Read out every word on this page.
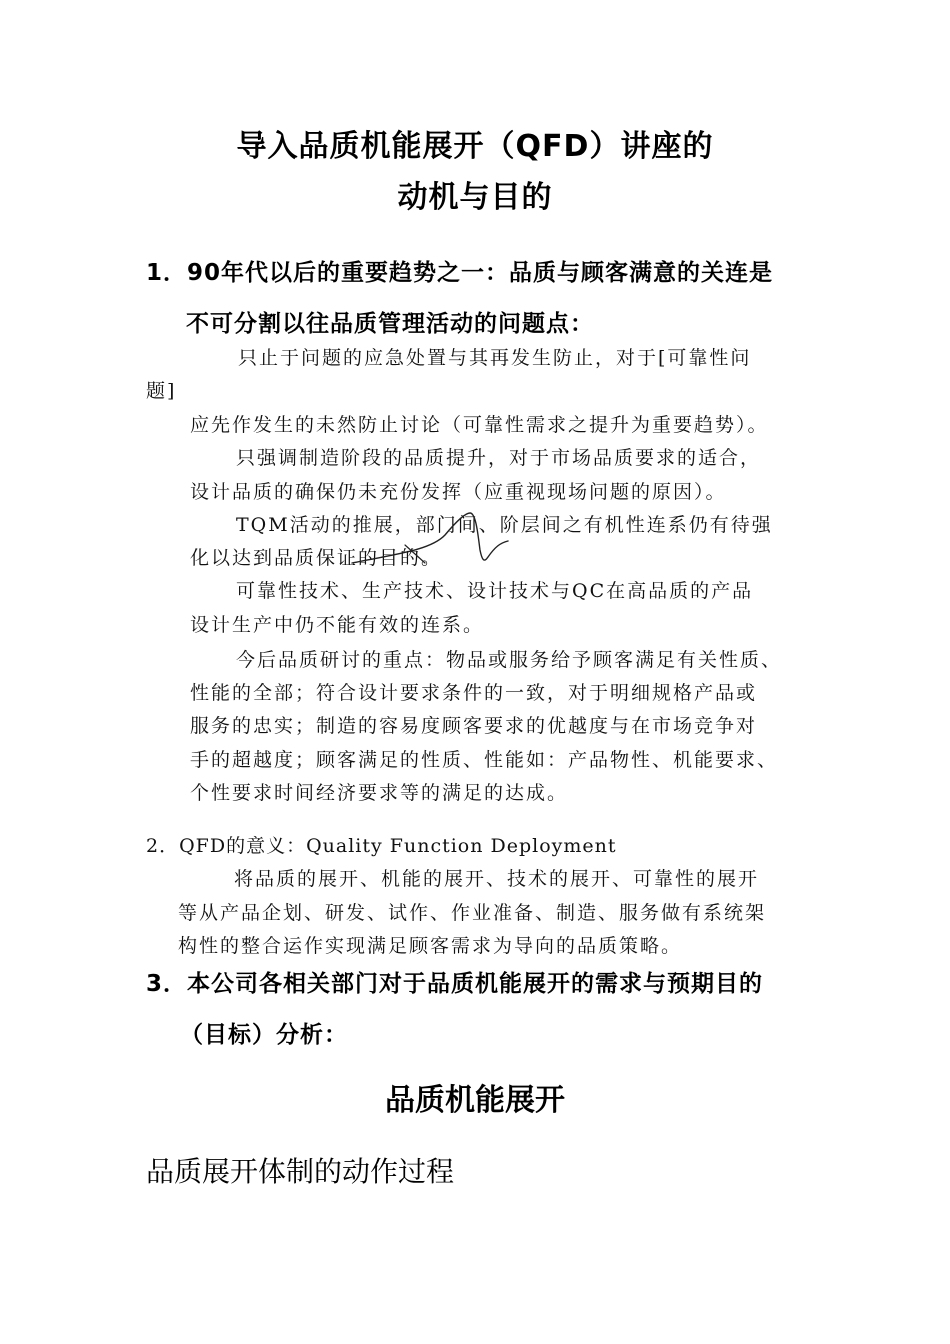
导入品质机能展开（QFD）讲座的
动机与目的
1．90年代以后的重要趋势之一：品质与顾客满意的关连是
不可分割以往品质管理活动的问题点：
只止于问题的应急处置与其再发生防止，对于[可靠性问
题]
应先作发生的未然防止讨论（可靠性需求之提升为重要趋势）。
只强调制造阶段的品质提升，对于市场品质要求的适合，
设计品质的确保仍未充份发挥（应重视现场问题的原因）。
TQM活动的推展，部门间、阶层间之有机性连系仍有待强
化以达到品质保证的目的。
可靠性技术、生产技术、设计技术与QC在高品质的产品
设计生产中仍不能有效的连系。
今后品质研讨的重点：物品或服务给予顾客满足有关性质、
性能的全部；符合设计要求条件的一致，对于明细规格产品或
服务的忠实；制造的容易度顾客要求的优越度与在市场竞争对
手的超越度；顾客满足的性质、性能如：产品物性、机能要求、
个性要求时间经济要求等的满足的达成。
2．QFD的意义：Quality Function Deployment
将品质的展开、机能的展开、技术的展开、可靠性的展开
等从产品企划、研发、试作、作业准备、制造、服务做有系统架
构性的整合运作实现满足顾客需求为导向的品质策略。
3．本公司各相关部门对于品质机能展开的需求与预期目的
（目标）分析：
品质机能展开
品质展开体制的动作过程
